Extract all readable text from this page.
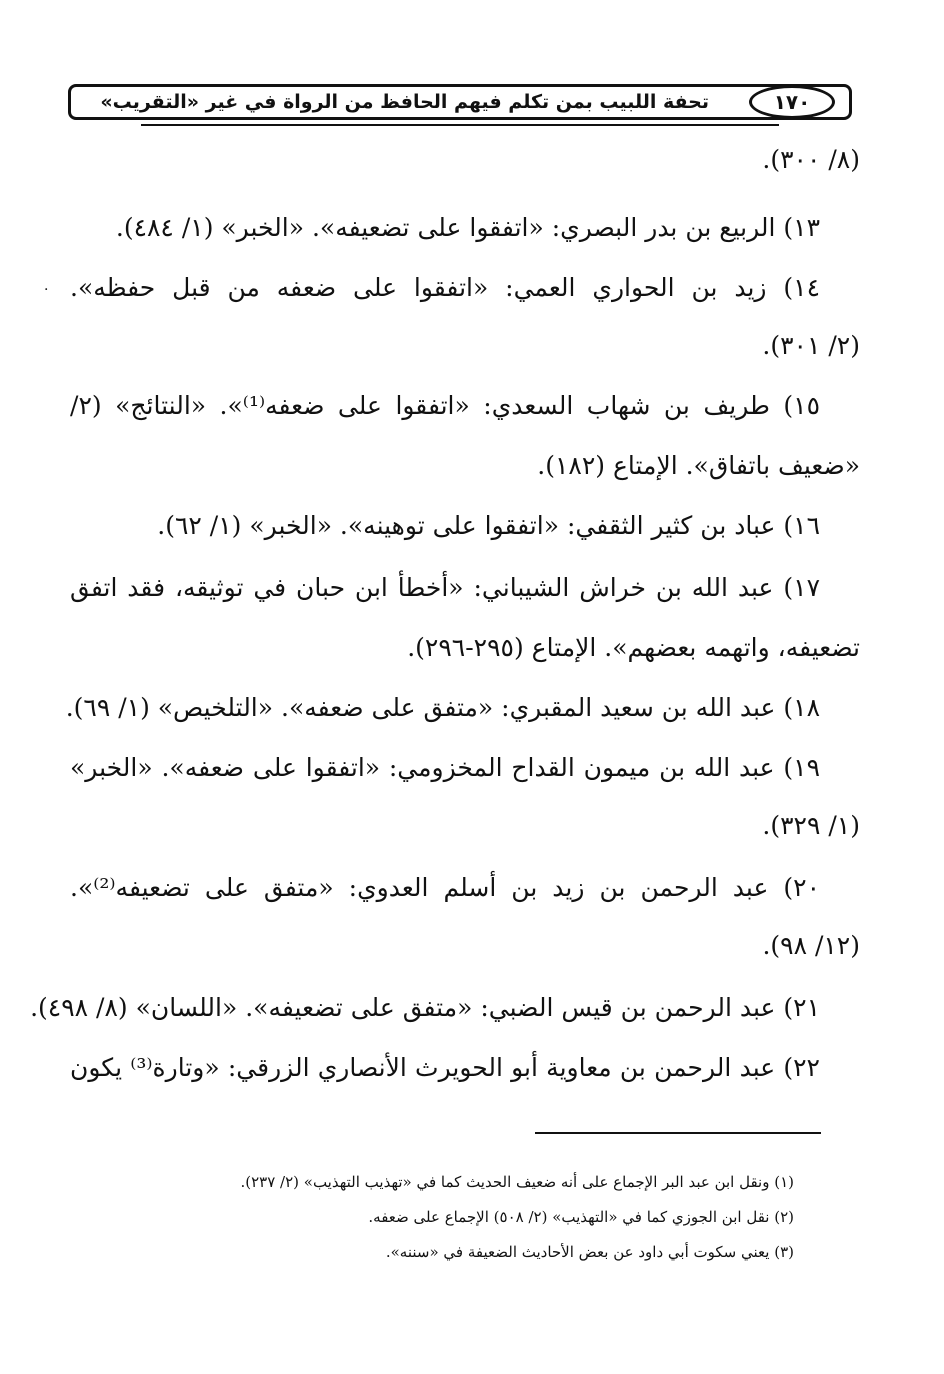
تحفة اللبيب بمن تكلم فيهم الحافظ من الرواة في غير «التقريب»	١٧٠
·
(٨/ ٣٠٠).
١٣) الربيع بن بدر البصري: «اتفقوا على تضعيفه». «الخبر» (١/ ٤٨٤).
١٤) زيد بن الحواري العمي: «اتفقوا على ضعفه من قبل حفظه».
(٢/ ٣٠١).
١٥) طريف بن شهاب السعدي: «اتفقوا على ضعفه⁽¹⁾». «النتائج» (٢/
«ضعيف باتفاق». الإمتاع (١٨٢).
١٦) عباد بن كثير الثقفي: «اتفقوا على توهينه». «الخبر» (١/ ٦٢).
١٧) عبد الله بن خراش الشيباني: «أخطأ ابن حبان في توثيقه، فقد اتفق
تضعيفه، واتهمه بعضهم». الإمتاع (٢٩٥-٢٩٦).
١٨) عبد الله بن سعيد المقبري: «متفق على ضعفه». «التلخيص» (١/ ٦٩).
١٩) عبد الله بن ميمون القداح المخزومي: «اتفقوا على ضعفه». «الخبر»
(١/ ٣٢٩).
٢٠) عبد الرحمن بن زيد بن أسلم العدوي: «متفق على تضعيفه⁽²⁾».
(١٢/ ٩٨).
٢١) عبد الرحمن بن قيس الضبي: «متفق على تضعيفه». «اللسان» (٨/ ٤٩٨).
٢٢) عبد الرحمن بن معاوية أبو الحويرث الأنصاري الزرقي: «وتارة⁽³⁾ يكون
(١) ونقل ابن عبد البر الإجماع على أنه ضعيف الحديث كما في «تهذيب التهذيب» (٢/ ٢٣٧).
(٢) نقل ابن الجوزي كما في «التهذيب» (٢/ ٥٠٨) الإجماع على ضعفه.
(٣) يعني سكوت أبي داود عن بعض الأحاديث الضعيفة في «سننه».
